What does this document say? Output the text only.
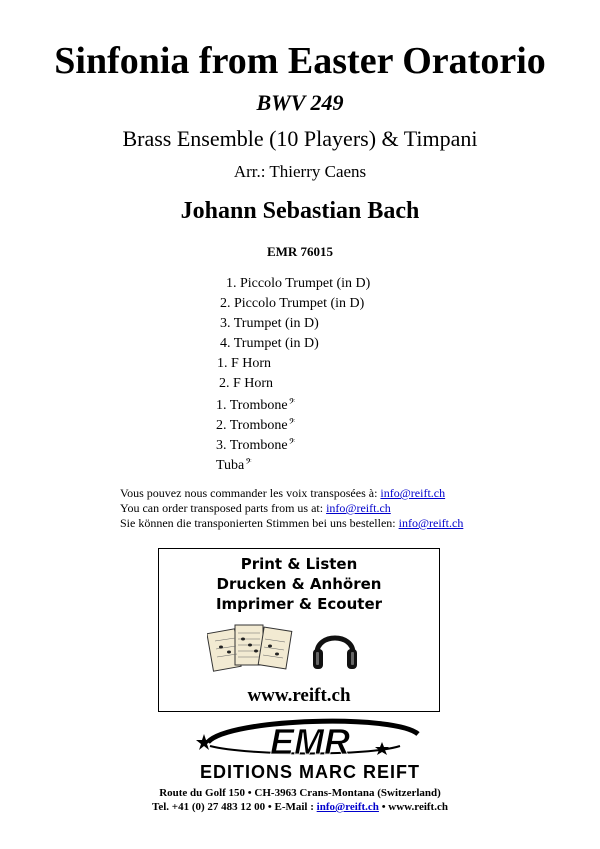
Sinfonia from Easter Oratorio
BWV 249
Brass Ensemble (10 Players) & Timpani
Arr.: Thierry Caens
Johann Sebastian Bach
EMR 76015
1. Piccolo Trumpet (in D)
2. Piccolo Trumpet (in D)
3. Trumpet (in D)
4. Trumpet (in D)
1. F Horn
2. F Horn
1. Trombone𝄢
2. Trombone𝄢
3. Trombone𝄢
Tuba𝄢
Vous pouvez nous commander les voix transposées à: info@reift.ch
You can order transposed parts from us at: info@reift.ch
Sie können die transponierten Stimmen bei uns bestellen: info@reift.ch
Print & Listen
Drucken & Anhören
Imprimer & Ecouter
www.reift.ch
EMR
EDITIONS MARC REIFT
Route du Golf 150 • CH-3963 Crans-Montana (Switzerland)
Tel. +41 (0) 27 483 12 00 • E-Mail : info@reift.ch • www.reift.ch
